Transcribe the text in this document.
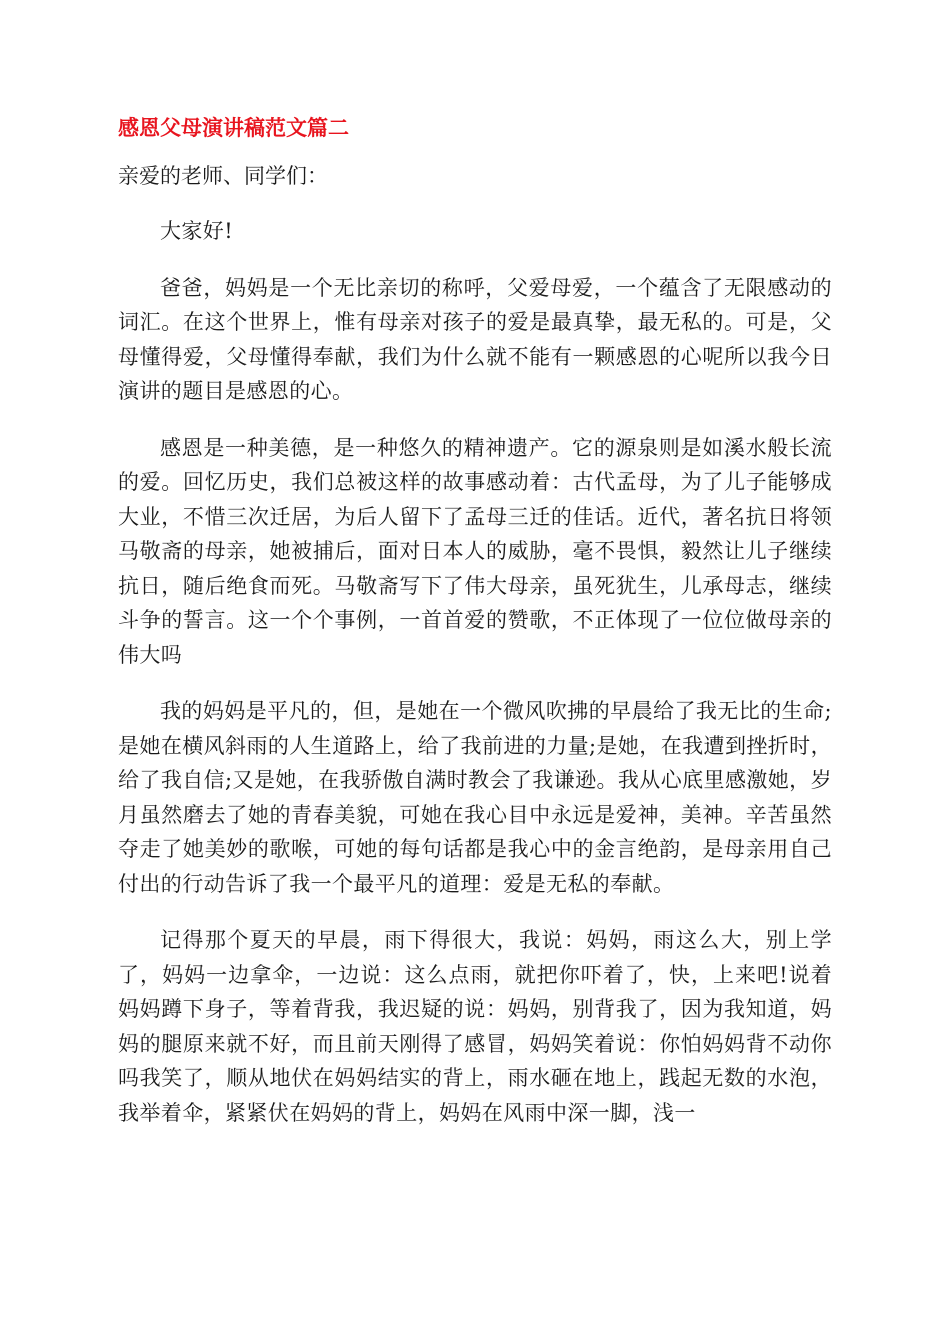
感恩父母演讲稿范文篇二
亲爱的老师、同学们：

大家好!

爸爸，妈妈是一个无比亲切的称呼，父爱母爱，一个蕴含了无限感动的词汇。在这个世界上，惟有母亲对孩子的爱是最真挚，最无私的。可是，父母懂得爱，父母懂得奉献，我们为什么就不能有一颗感恩的心呢所以我今日演讲的题目是感恩的心。

感恩是一种美德，是一种悠久的精神遗产。它的源泉则是如溪水般长流的爱。回忆历史，我们总被这样的故事感动着：古代孟母，为了儿子能够成大业，不惜三次迁居，为后人留下了孟母三迁的佳话。近代，著名抗日将领马敬斋的母亲，她被捕后，面对日本人的威胁，毫不畏惧，毅然让儿子继续抗日，随后绝食而死。马敬斋写下了伟大母亲，虽死犹生，儿承母志，继续斗争的誓言。这一个个事例，一首首爱的赞歌，不正体现了一位位做母亲的伟大吗

我的妈妈是平凡的，但，是她在一个微风吹拂的早晨给了我无比的生命;是她在横风斜雨的人生道路上，给了我前进的力量;是她，在我遭到挫折时，给了我自信;又是她，在我骄傲自满时教会了我谦逊。我从心底里感激她，岁月虽然磨去了她的青春美貌，可她在我心目中永远是爱神，美神。辛苦虽然夺走了她美妙的歌喉，可她的每句话都是我心中的金言绝韵，是母亲用自己付出的行动告诉了我一个最平凡的道理：爱是无私的奉献。

记得那个夏天的早晨，雨下得很大，我说：妈妈，雨这么大，别上学了，妈妈一边拿伞，一边说：这么点雨，就把你吓着了，快，上来吧!说着妈妈蹲下身子，等着背我，我迟疑的说：妈妈，别背我了，因为我知道，妈妈的腿原来就不好，而且前天刚得了感冒，妈妈笑着说：你怕妈妈背不动你吗我笑了，顺从地伏在妈妈结实的背上，雨水砸在地上，践起无数的水泡，我举着伞，紧紧伏在妈妈的背上，妈妈在风雨中深一脚，浅一
